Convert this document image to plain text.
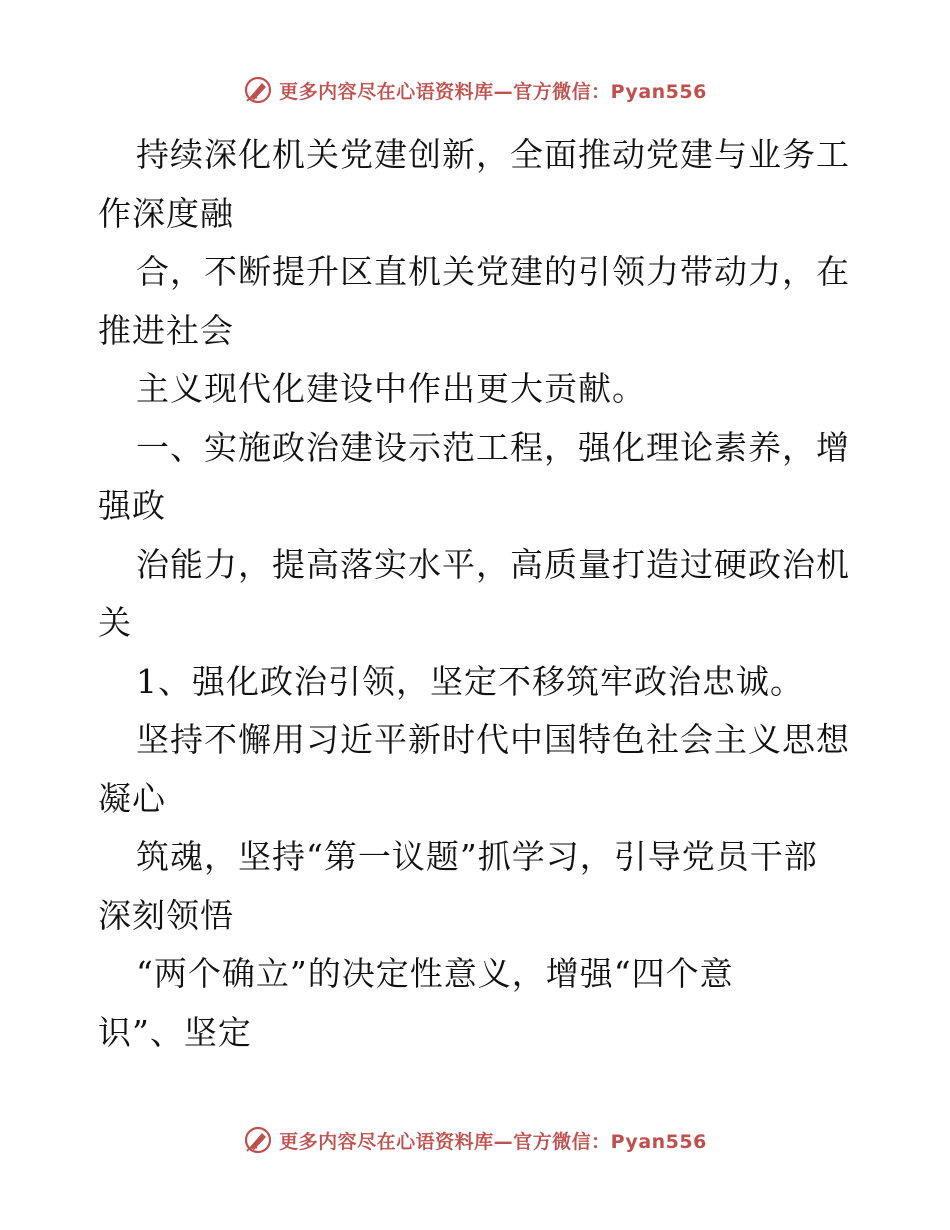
更多内容尽在心语资料库—官方微信：Pyan556
持续深化机关党建创新，全面推动党建与业务工
作深度融
合，不断提升区直机关党建的引领力带动力，在
推进社会
主义现代化建设中作出更大贡献。
一、实施政治建设示范工程，强化理论素养，增
强政
治能力，提高落实水平，高质量打造过硬政治机
关
1、强化政治引领，坚定不移筑牢政治忠诚。
坚持不懈用习近平新时代中国特色社会主义思想
凝心
筑魂，坚持“第一议题”抓学习，引导党员干部
深刻领悟
“两个确立”的决定性意义，增强“四个意
识”、坚定
更多内容尽在心语资料库—官方微信：Pyan556
